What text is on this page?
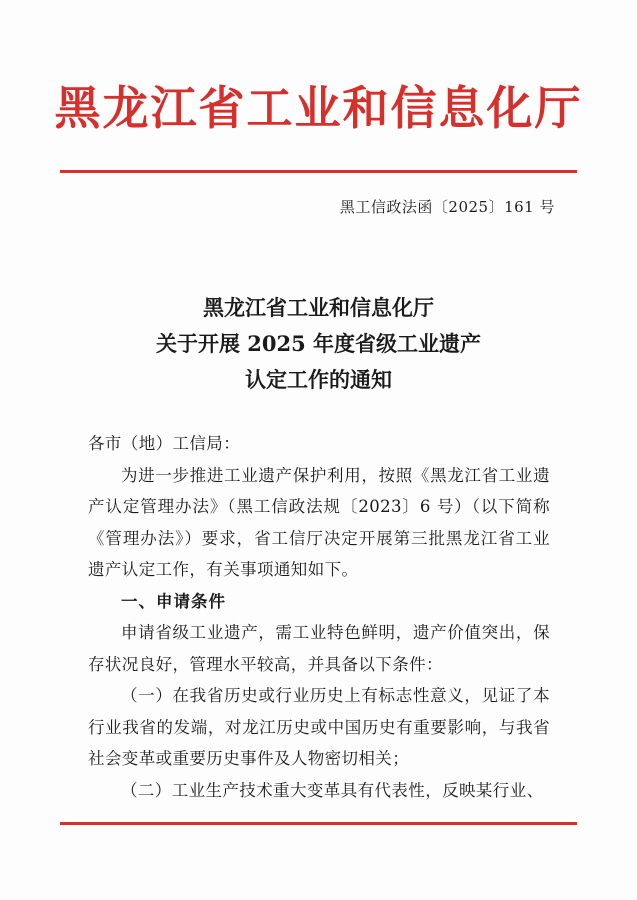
黑龙江省工业和信息化厅
黑工信政法函〔2025〕161 号
黑龙江省工业和信息化厅
关于开展 2025 年度省级工业遗产
认定工作的通知

各市（地）工信局：

为进一步推进工业遗产保护利用，按照《黑龙江省工业遗产认定管理办法》（黑工信政法规〔2023〕6 号）（以下简称《管理办法》）要求，省工信厅决定开展第三批黑龙江省工业遗产认定工作，有关事项通知如下。

一、申请条件

申请省级工业遗产，需工业特色鲜明，遗产价值突出，保存状况良好，管理水平较高，并具备以下条件：

（一）在我省历史或行业历史上有标志性意义，见证了本行业我省的发端，对龙江历史或中国历史有重要影响，与我省社会变革或重要历史事件及人物密切相关；

（二）工业生产技术重大变革具有代表性，反映某行业、
